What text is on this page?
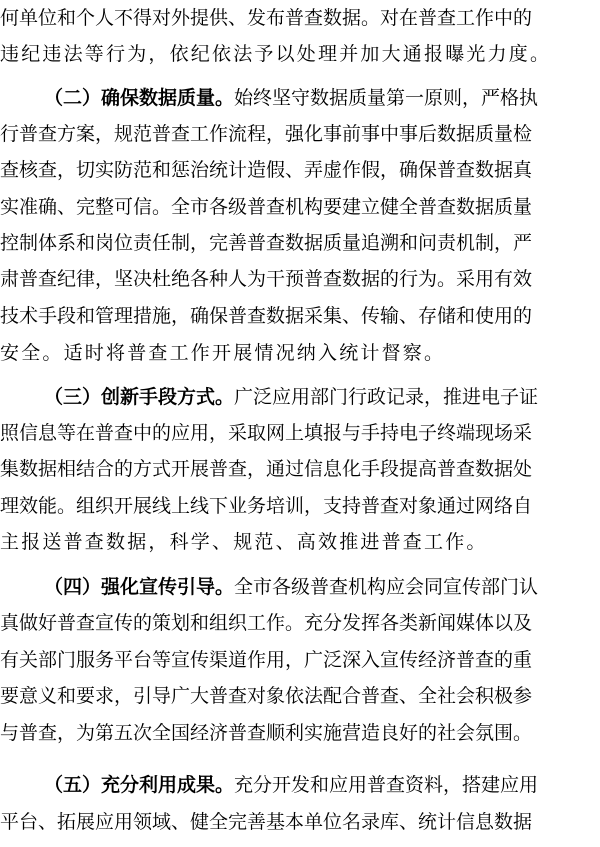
何单位和个人不得对外提供、发布普查数据。对在普查工作中的
违纪违法等行为，依纪依法予以处理并加大通报曝光力度。
（二）确保数据质量。始终坚守数据质量第一原则，严格执
行普查方案，规范普查工作流程，强化事前事中事后数据质量检
查核查，切实防范和惩治统计造假、弄虚作假，确保普查数据真
实准确、完整可信。全市各级普查机构要建立健全普查数据质量
控制体系和岗位责任制，完善普查数据质量追溯和问责机制，严
肃普查纪律，坚决杜绝各种人为干预普查数据的行为。采用有效
技术手段和管理措施，确保普查数据采集、传输、存储和使用的
安全。适时将普查工作开展情况纳入统计督察。
（三）创新手段方式。广泛应用部门行政记录，推进电子证
照信息等在普查中的应用，采取网上填报与手持电子终端现场采
集数据相结合的方式开展普查，通过信息化手段提高普查数据处
理效能。组织开展线上线下业务培训，支持普查对象通过网络自
主报送普查数据，科学、规范、高效推进普查工作。
（四）强化宣传引导。全市各级普查机构应会同宣传部门认
真做好普查宣传的策划和组织工作。充分发挥各类新闻媒体以及
有关部门服务平台等宣传渠道作用，广泛深入宣传经济普查的重
要意义和要求，引导广大普查对象依法配合普查、全社会积极参
与普查，为第五次全国经济普查顺利实施营造良好的社会氛围。
（五）充分利用成果。充分开发和应用普查资料，搭建应用
平台、拓展应用领域、健全完善基本单位名录库、统计信息数据
